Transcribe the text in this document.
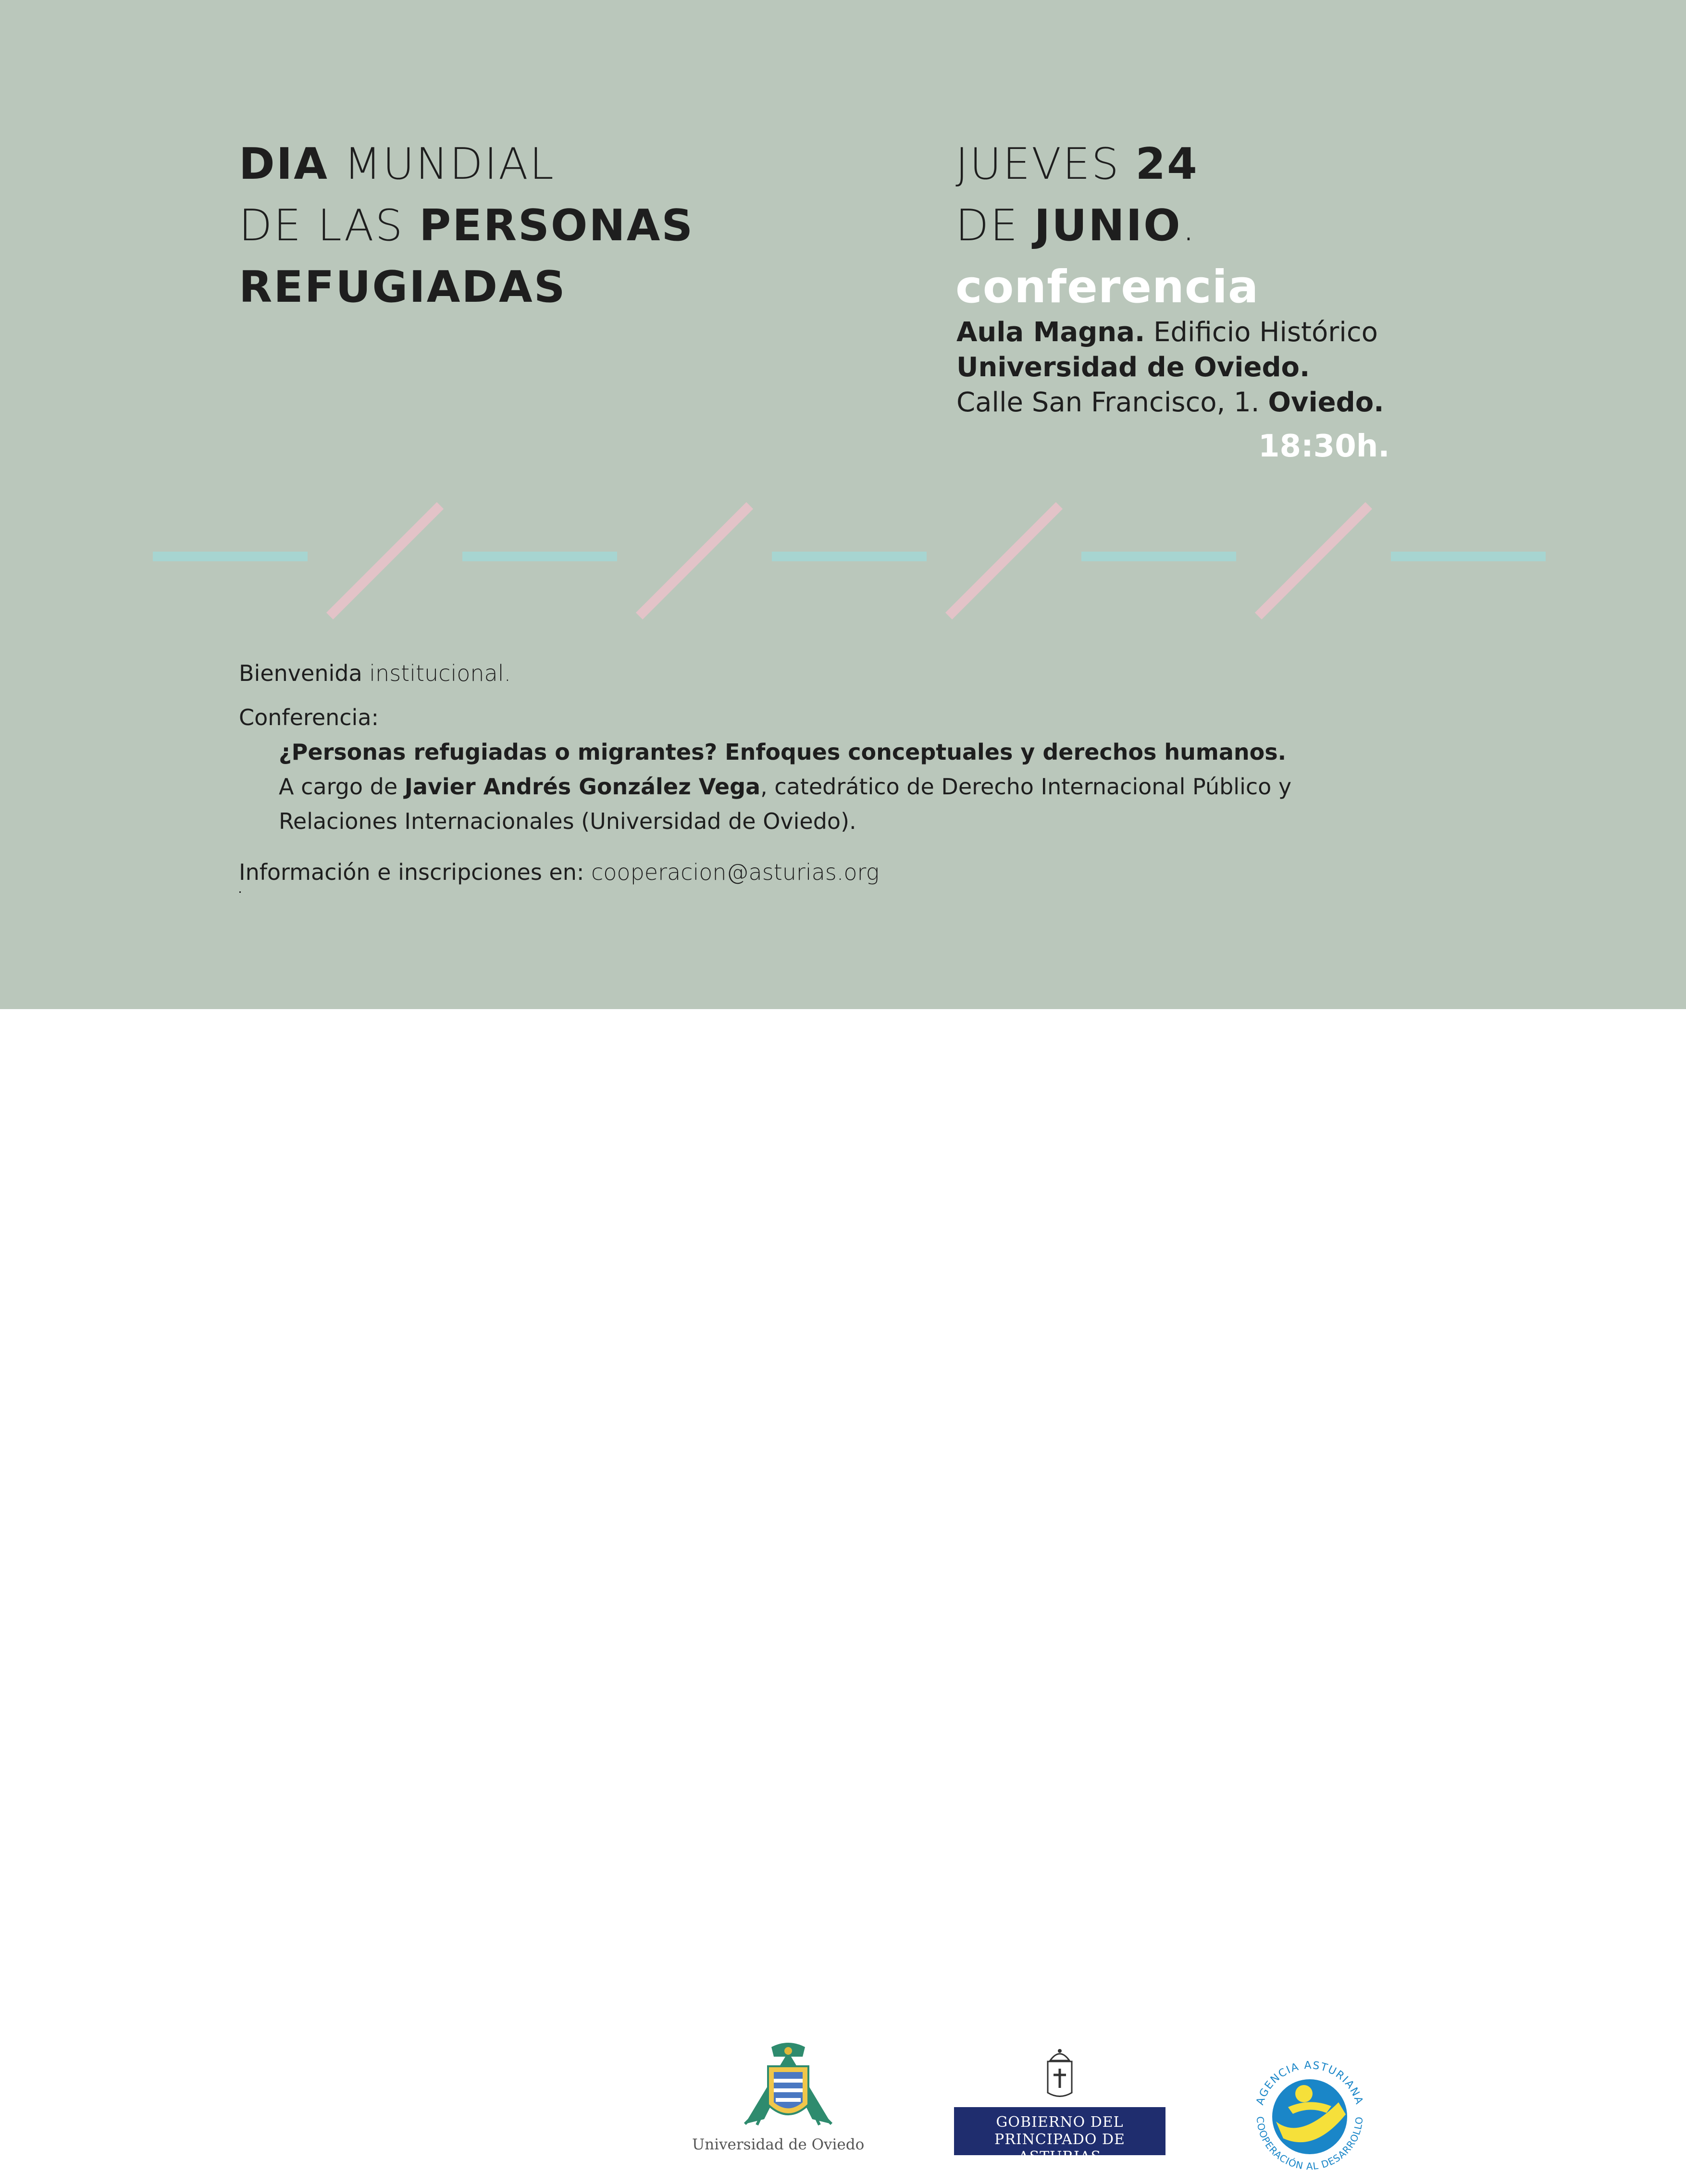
DIA MUNDIAL
DE LAS PERSONAS
REFUGIADAS
JUEVES 24
DE JUNIO.
conferencia
Aula Magna. Edificio Histórico
Universidad de Oviedo.
Calle San Francisco, 1. Oviedo.
18:30h.
Bienvenida institucional.
Conferencia:
¿Personas refugiadas o migrantes? Enfoques conceptuales y derechos humanos.
A cargo de Javier Andrés González Vega, catedrático de Derecho Internacional Público y
Relaciones Internacionales (Universidad de Oviedo).
Información e inscripciones en: cooperacion@asturias.org
Universidad de Oviedo
GOBIERNO DEL
PRINCIPADO DE ASTURIAS
AGENCIA ASTURIANA
COOPERACIÓN AL DESARROLLO
